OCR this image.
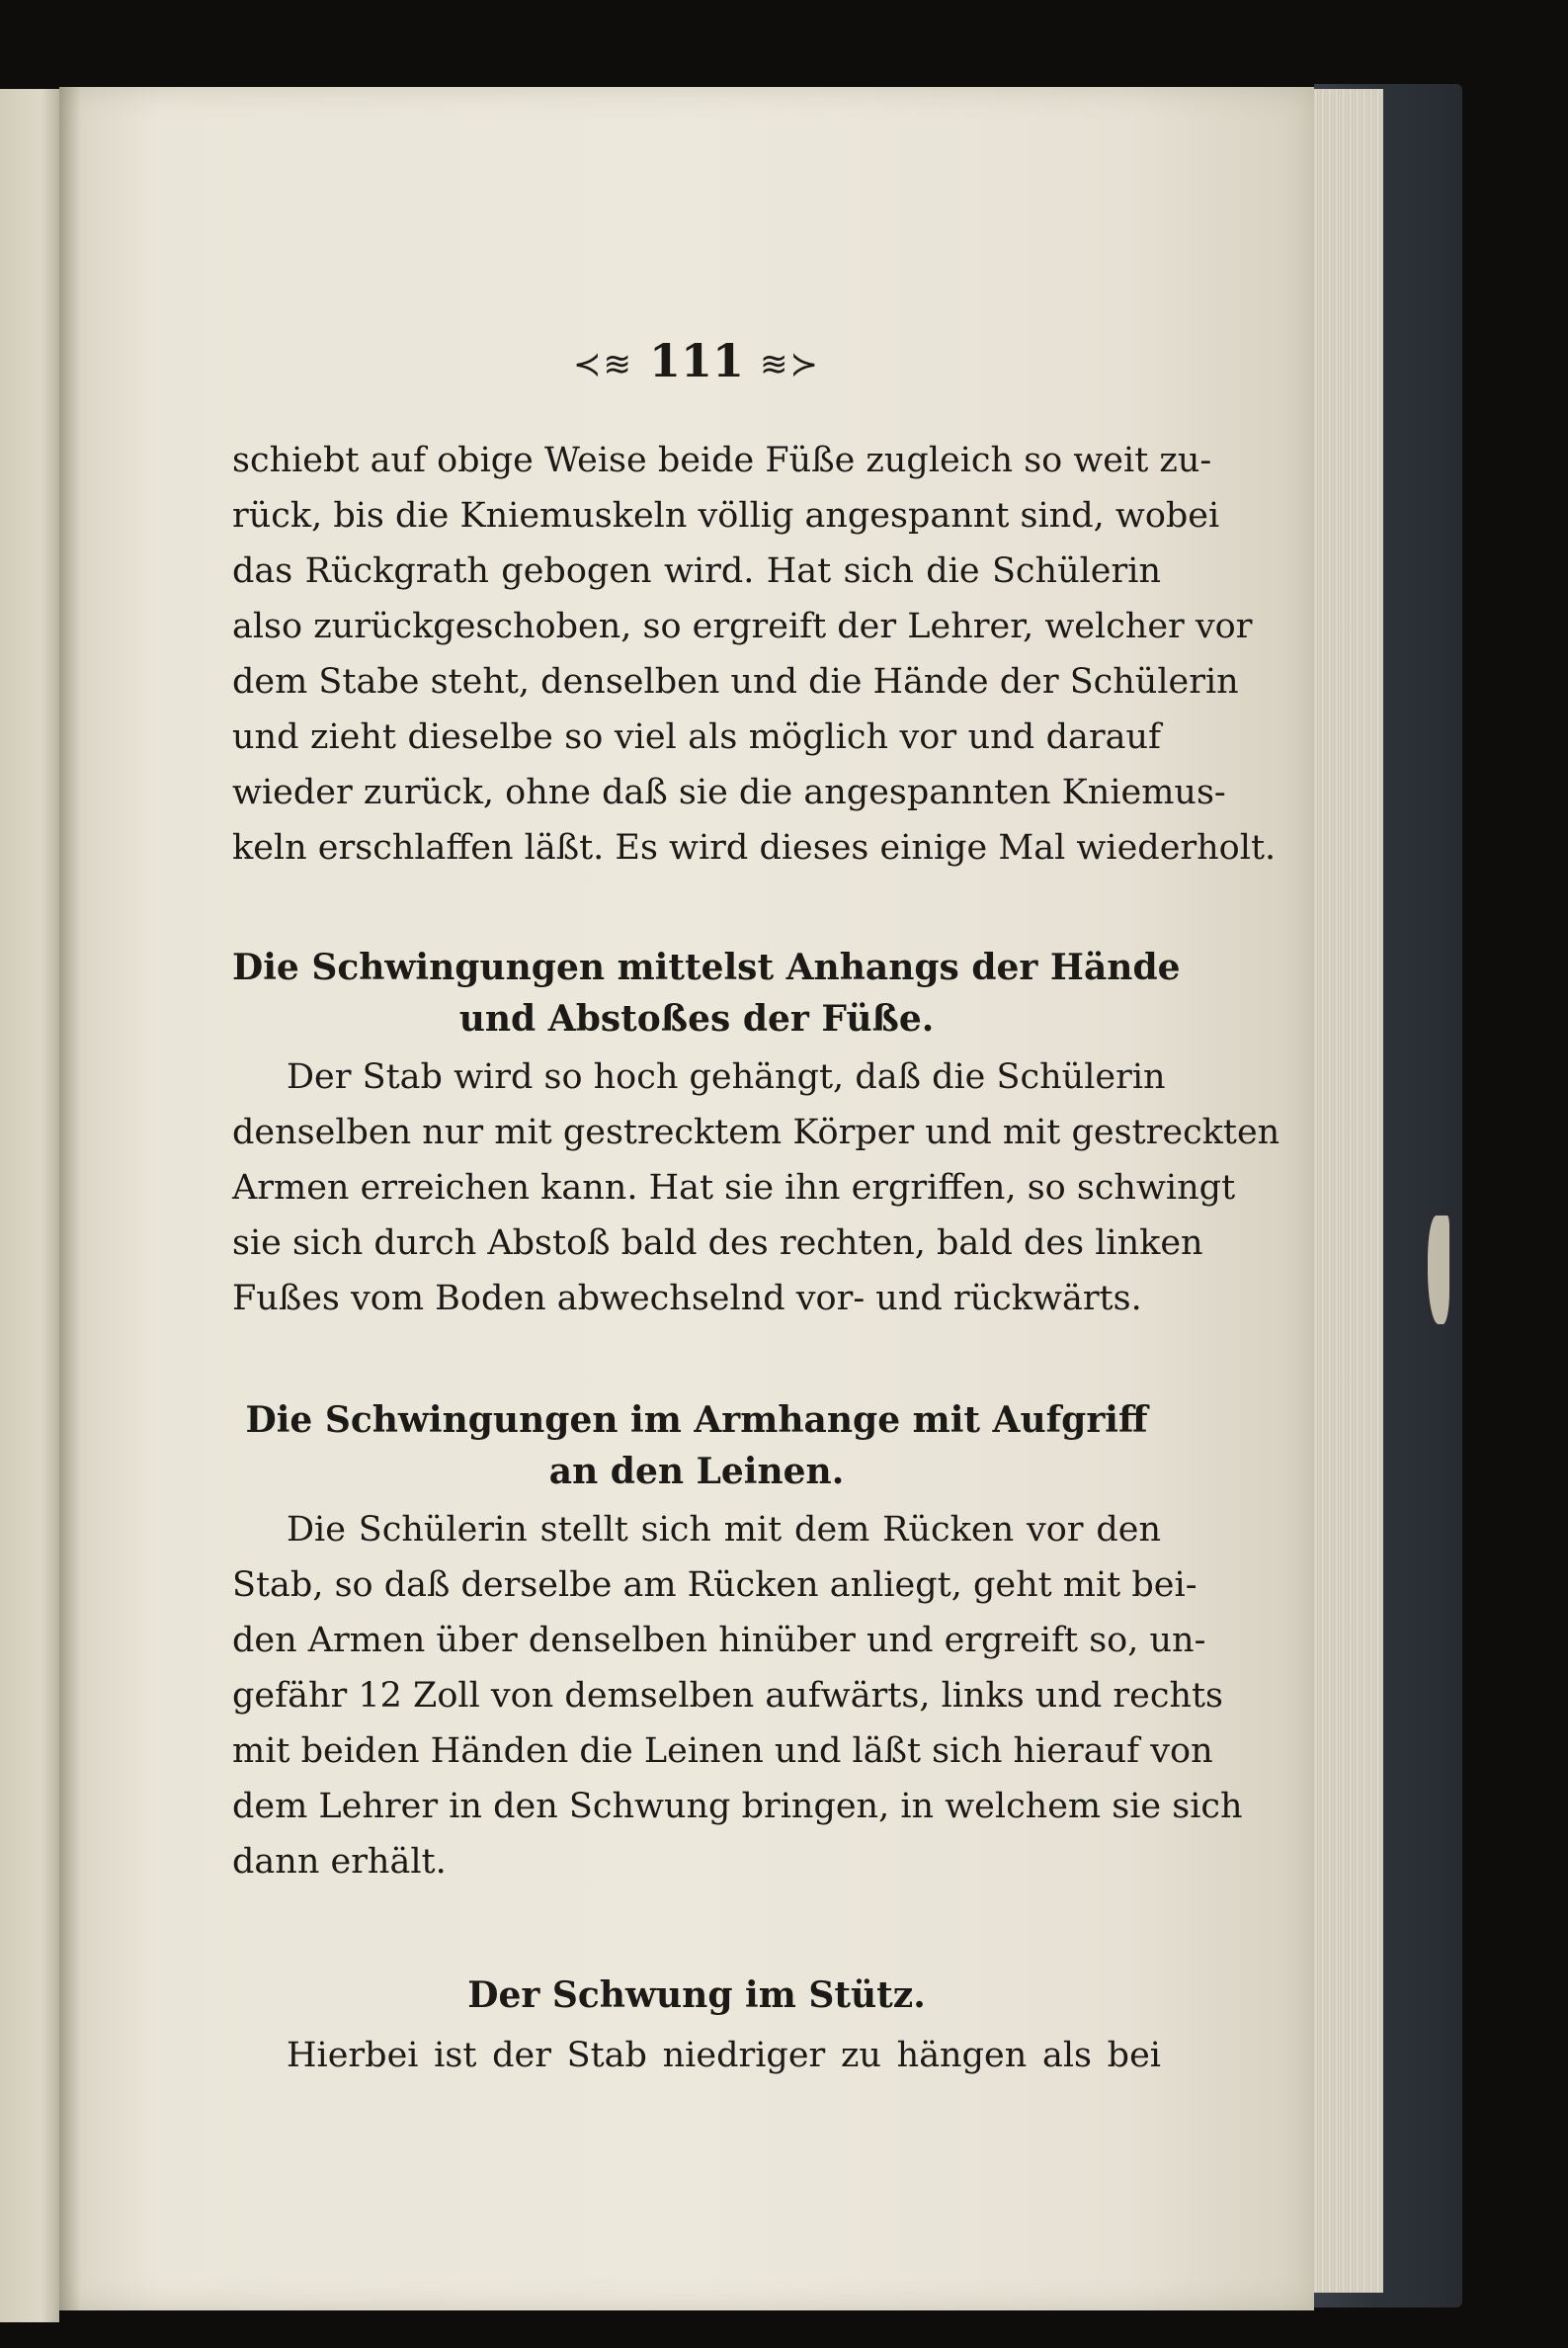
≺≋ 111 ≋≻
schiebt auf obige Weise beide Füße zugleich so weit zu-
rück, bis die Kniemuskeln völlig angespannt sind, wobei
das Rückgrath gebogen wird. Hat sich die Schülerin
also zurückgeschoben, so ergreift der Lehrer, welcher vor
dem Stabe steht, denselben und die Hände der Schülerin
und zieht dieselbe so viel als möglich vor und darauf
wieder zurück, ohne daß sie die angespannten Kniemus-
keln erschlaffen läßt. Es wird dieses einige Mal wiederholt.
Die Schwingungen mittelst Anhangs der Hände
und Abstoßes der Füße.
Der Stab wird so hoch gehängt, daß die Schülerin
denselben nur mit gestrecktem Körper und mit gestreckten
Armen erreichen kann. Hat sie ihn ergriffen, so schwingt
sie sich durch Abstoß bald des rechten, bald des linken
Fußes vom Boden abwechselnd vor- und rückwärts.
Die Schwingungen im Armhange mit Aufgriff
an den Leinen.
Die Schülerin stellt sich mit dem Rücken vor den
Stab, so daß derselbe am Rücken anliegt, geht mit bei-
den Armen über denselben hinüber und ergreift so, un-
gefähr 12 Zoll von demselben aufwärts, links und rechts
mit beiden Händen die Leinen und läßt sich hierauf von
dem Lehrer in den Schwung bringen, in welchem sie sich
dann erhält.
Der Schwung im Stütz.
Hierbei ist der Stab niedriger zu hängen als bei
